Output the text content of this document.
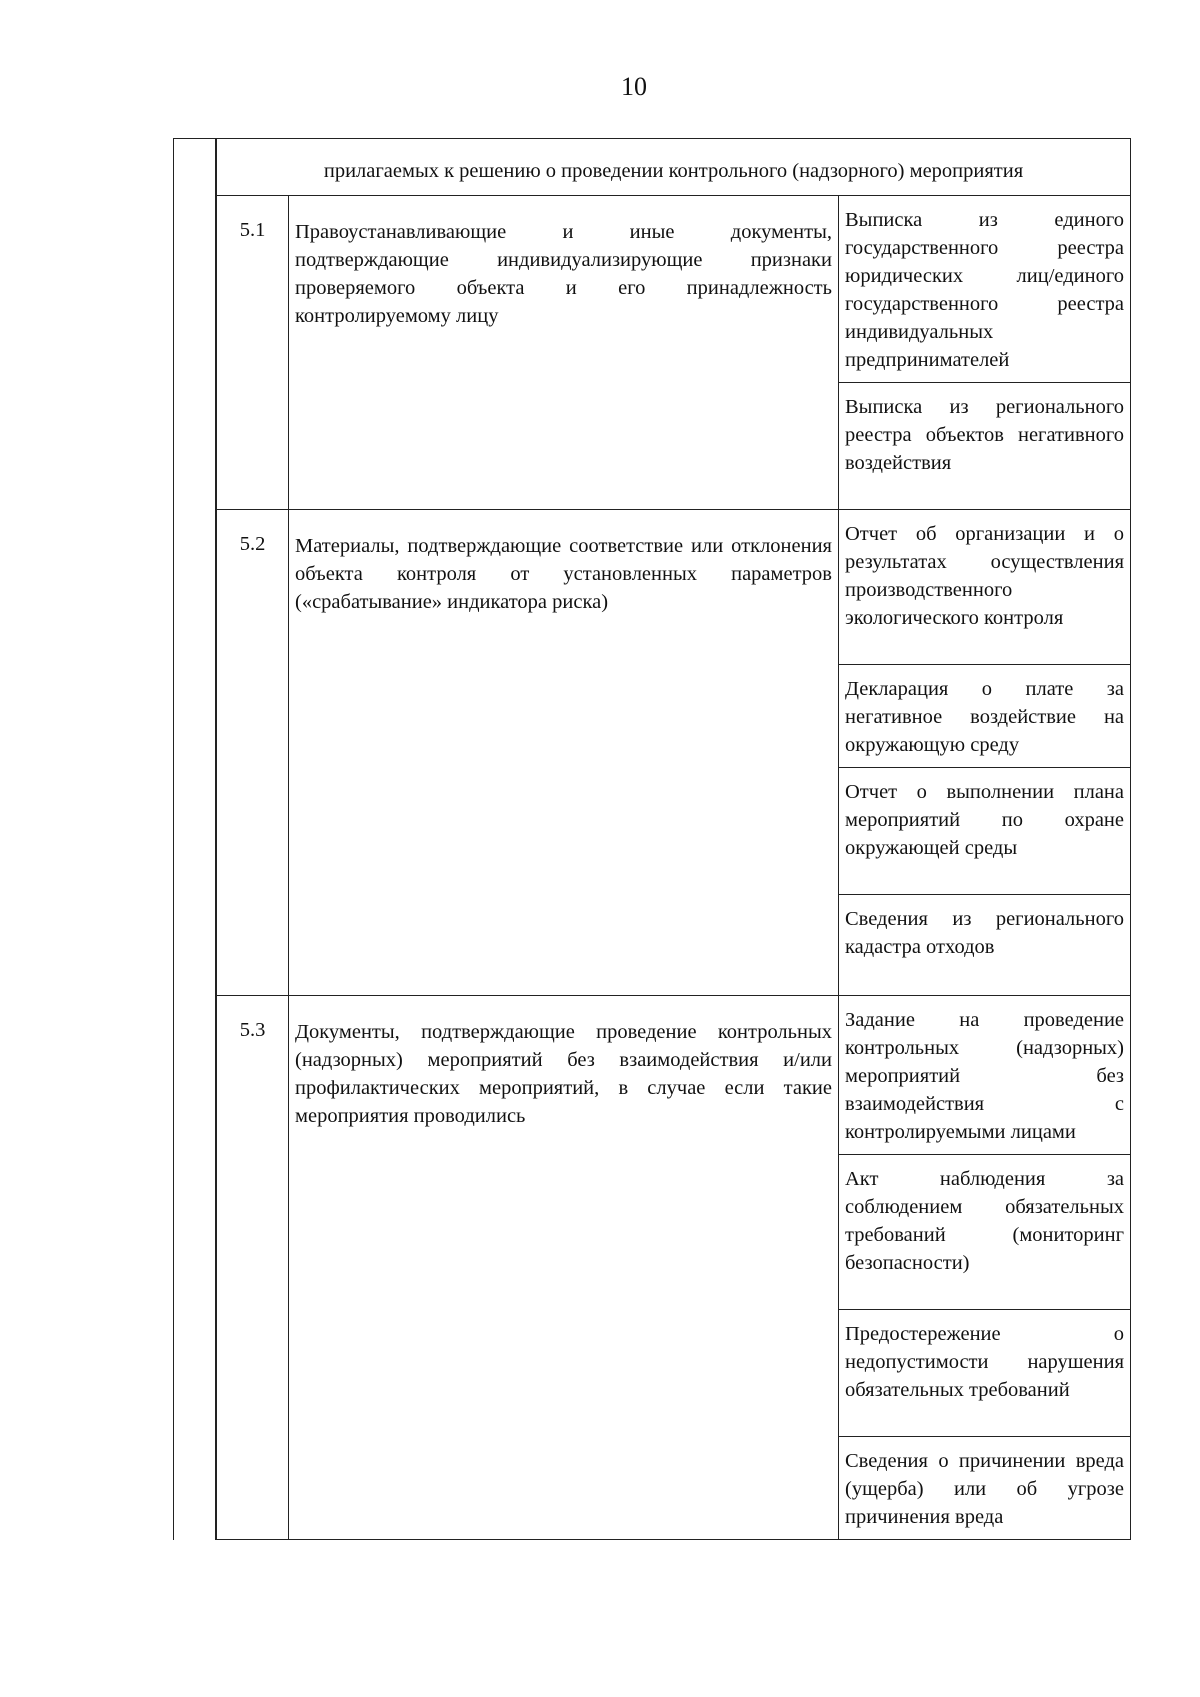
10
прилагаемых к решению о проведении контрольного (надзорного) мероприятия		
5.1	Правоустанавливающие и иные документы, подтверждающие индивидуализирующие признаки проверяемого объекта и его принадлежность контролируемому лицу	Выписка из единого государственного реестра юридических лиц/единого государственного реестра индивидуальных предпринимателей
		Выписка из регионального реестра объектов негативного воздействия
5.2	Материалы, подтверждающие соответствие или отклонения объекта контроля от установленных параметров («срабатывание» индикатора риска)	Отчет об организации и о результатах осуществления производственного экологического контроля
		Декларация о плате за негативное воздействие на окружающую среду
		Отчет о выполнении плана мероприятий по охране окружающей среды
		Сведения из регионального кадастра отходов
5.3	Документы, подтверждающие проведение контрольных (надзорных) мероприятий без взаимодействия и/или профилактических мероприятий, в случае если такие мероприятия проводились	Задание на проведение контрольных (надзорных) мероприятий без взаимодействия с контролируемыми лицами
		Акт наблюдения за соблюдением обязательных требований (мониторинг безопасности)
		Предостережение о недопустимости нарушения обязательных требований
		Сведения о причинении вреда (ущерба) или об угрозе причинения вреда
